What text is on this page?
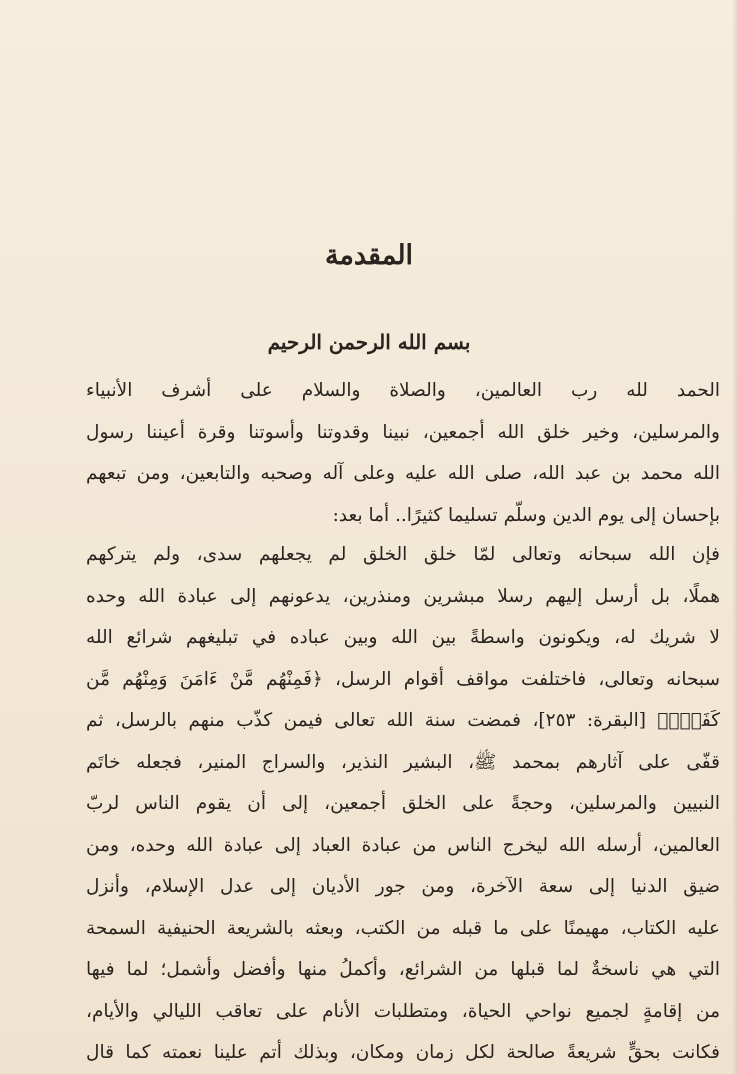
المقدمة
بسم الله الرحمن الرحيم
الحمد لله رب العالمين، والصلاة والسلام على أشرف الأنبياء
والمرسلين، وخير خلق الله أجمعين، نبينا وقدوتنا وأسوتنا وقرة أعيننا رسول
الله محمد بن عبد الله، صلى الله عليه وعلى آله وصحبه والتابعين، ومن تبعهم
بإحسان إلى يوم الدين وسلّم تسليما كثيرًا.. أما بعد:
فإن الله سبحانه وتعالى لمّا خلق الخلق لم يجعلهم سدى، ولم يتركهم
هملًا، بل أرسل إليهم رسلا مبشرين ومنذرين، يدعونهم إلى عبادة الله وحده
لا شريك له، ويكونون واسطةً بين الله وبين عباده في تبليغهم شرائع الله
سبحانه وتعالى، فاختلفت مواقف أقوام الرسل، ﴿فَمِنْهُم مَّنْ ءَامَنَ وَمِنْهُم مَّن
كَفَرَۚ﴾ [البقرة: ٢٥٣]، فمضت سنة الله تعالى فيمن كذّب منهم بالرسل، ثم
قفّى على آثارهم بمحمد ﷺ، البشير النذير، والسراج المنير، فجعله خاتَم
النبيين والمرسلين، وحجةً على الخلق أجمعين، إلى أن يقوم الناس لربّ
العالمين، أرسله الله ليخرج الناس من عبادة العباد إلى عبادة الله وحده، ومن
ضيق الدنيا إلى سعة الآخرة، ومن جور الأديان إلى عدل الإسلام، وأنزل
عليه الكتاب، مهيمنًا على ما قبله من الكتب، وبعثه بالشريعة الحنيفية السمحة
التي هي ناسخةٌ لما قبلها من الشرائع، وأكملُ منها وأفضل وأشمل؛ لما فيها
من إقامةٍ لجميع نواحي الحياة، ومتطلبات الأنام على تعاقب الليالي والأيام،
فكانت بحقٍّ شريعةً صالحة لكل زمان ومكان، وبذلك أتم علينا نعمته كما قال
